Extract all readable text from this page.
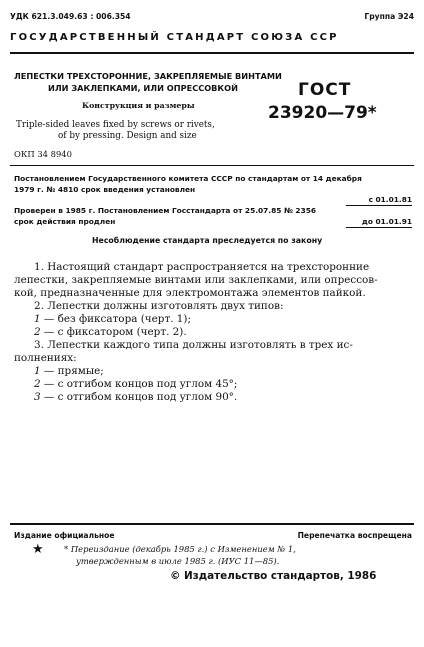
УДК 621.3.049.63 : 006.354	Группа Э24
ГОСУДАРСТВЕННЫЙ СТАНДАРТ СОЮЗА ССР
ЛЕПЕСТКИ ТРЕХСТОРОННИЕ, ЗАКРЕПЛЯЕМЫЕ ВИНТАМИ
ИЛИ ЗАКЛЕПКАМИ, ИЛИ ОПРЕССОВКОЙ
Конструкция и размеры
Triple-sided leaves fixed by screws or rivets,
of by pressing. Design and size
ГОСТ
23920—79*
ОКП 34 8940
Постановлением Государственного комитета СССР по стандартам от 14 декабря
1979 г. № 4810 срок введения установлен
с 01.01.81
Проверен в 1985 г. Постановлением Госстандарта от 25.07.85 № 2356
срок действия продлен	до 01.01.91
Несоблюдение стандарта преследуется по закону
1. Настоящий стандарт распространяется на трехсторонние
лепестки, закрепляемые винтами или заклепками, или опрессов-
кой, предназначенные для электромонтажа элементов пайкой.
2. Лепестки должны изготовлять двух типов:
1 — без фиксатора (черт. 1);
2 — с фиксатором (черт. 2).
3. Лепестки каждого типа должны изготовлять в трех ис-
полнениях:
1 — прямые;
2 — с отгибом концов под углом 45°;
3 — с отгибом концов под углом 90°.
Издание официальное	Перепечатка воспрещена
★ * Переиздание (декабрь 1985 г.) с Изменением № 1,
утвержденным в июле 1985 г. (ИУС 11—85).
© Издательство стандартов, 1986
